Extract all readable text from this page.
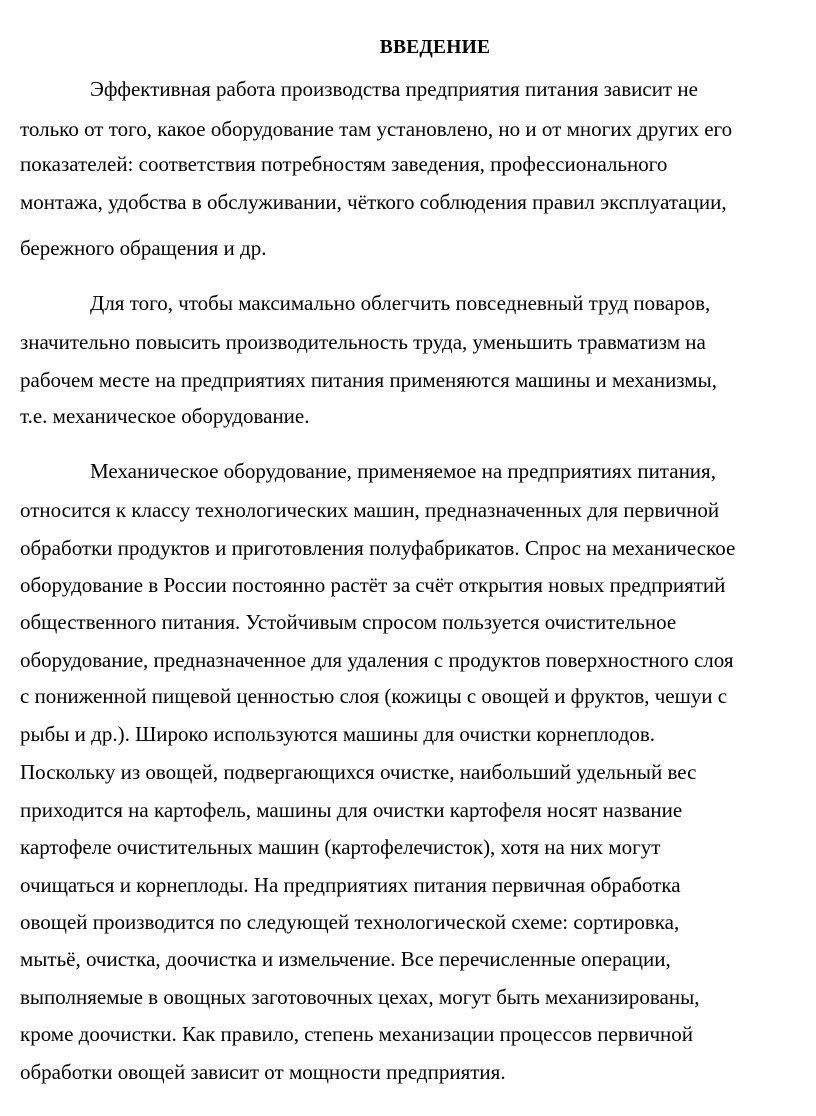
ВВЕДЕНИЕ
Эффективная работа производства предприятия питания зависит не
только от того, какое оборудование там установлено, но и от многих других его
показателей: соответствия потребностям заведения, профессионального
монтажа, удобства в обслуживании, чёткого соблюдения правил эксплуатации,
бережного обращения и др.
Для того, чтобы максимально облегчить повседневный труд поваров,
значительно повысить производительность труда, уменьшить травматизм на
рабочем месте на предприятиях питания применяются машины и механизмы,
т.е. механическое оборудование.
Механическое оборудование, применяемое на предприятиях питания,
относится к классу технологических машин, предназначенных для первичной
обработки продуктов и приготовления полуфабрикатов. Спрос на механическое
оборудование в России постоянно растёт за счёт открытия новых предприятий
общественного питания. Устойчивым спросом пользуется очистительное
оборудование, предназначенное для удаления с продуктов поверхностного слоя
с пониженной пищевой ценностью слоя (кожицы с овощей и фруктов, чешуи с
рыбы и др.). Широко используются машины для очистки корнеплодов.
Поскольку из овощей, подвергающихся очистке, наибольший удельный вес
приходится на картофель, машины для очистки картофеля носят название
картофеле очистительных машин (картофелечисток), хотя на них могут
очищаться и корнеплоды. На предприятиях питания первичная обработка
овощей производится по следующей технологической схеме: сортировка,
мытьё, очистка, доочистка и измельчение. Все перечисленные операции,
выполняемые в овощных заготовочных цехах, могут быть механизированы,
кроме доочистки. Как правило, степень механизации процессов первичной
обработки овощей зависит от мощности предприятия.
